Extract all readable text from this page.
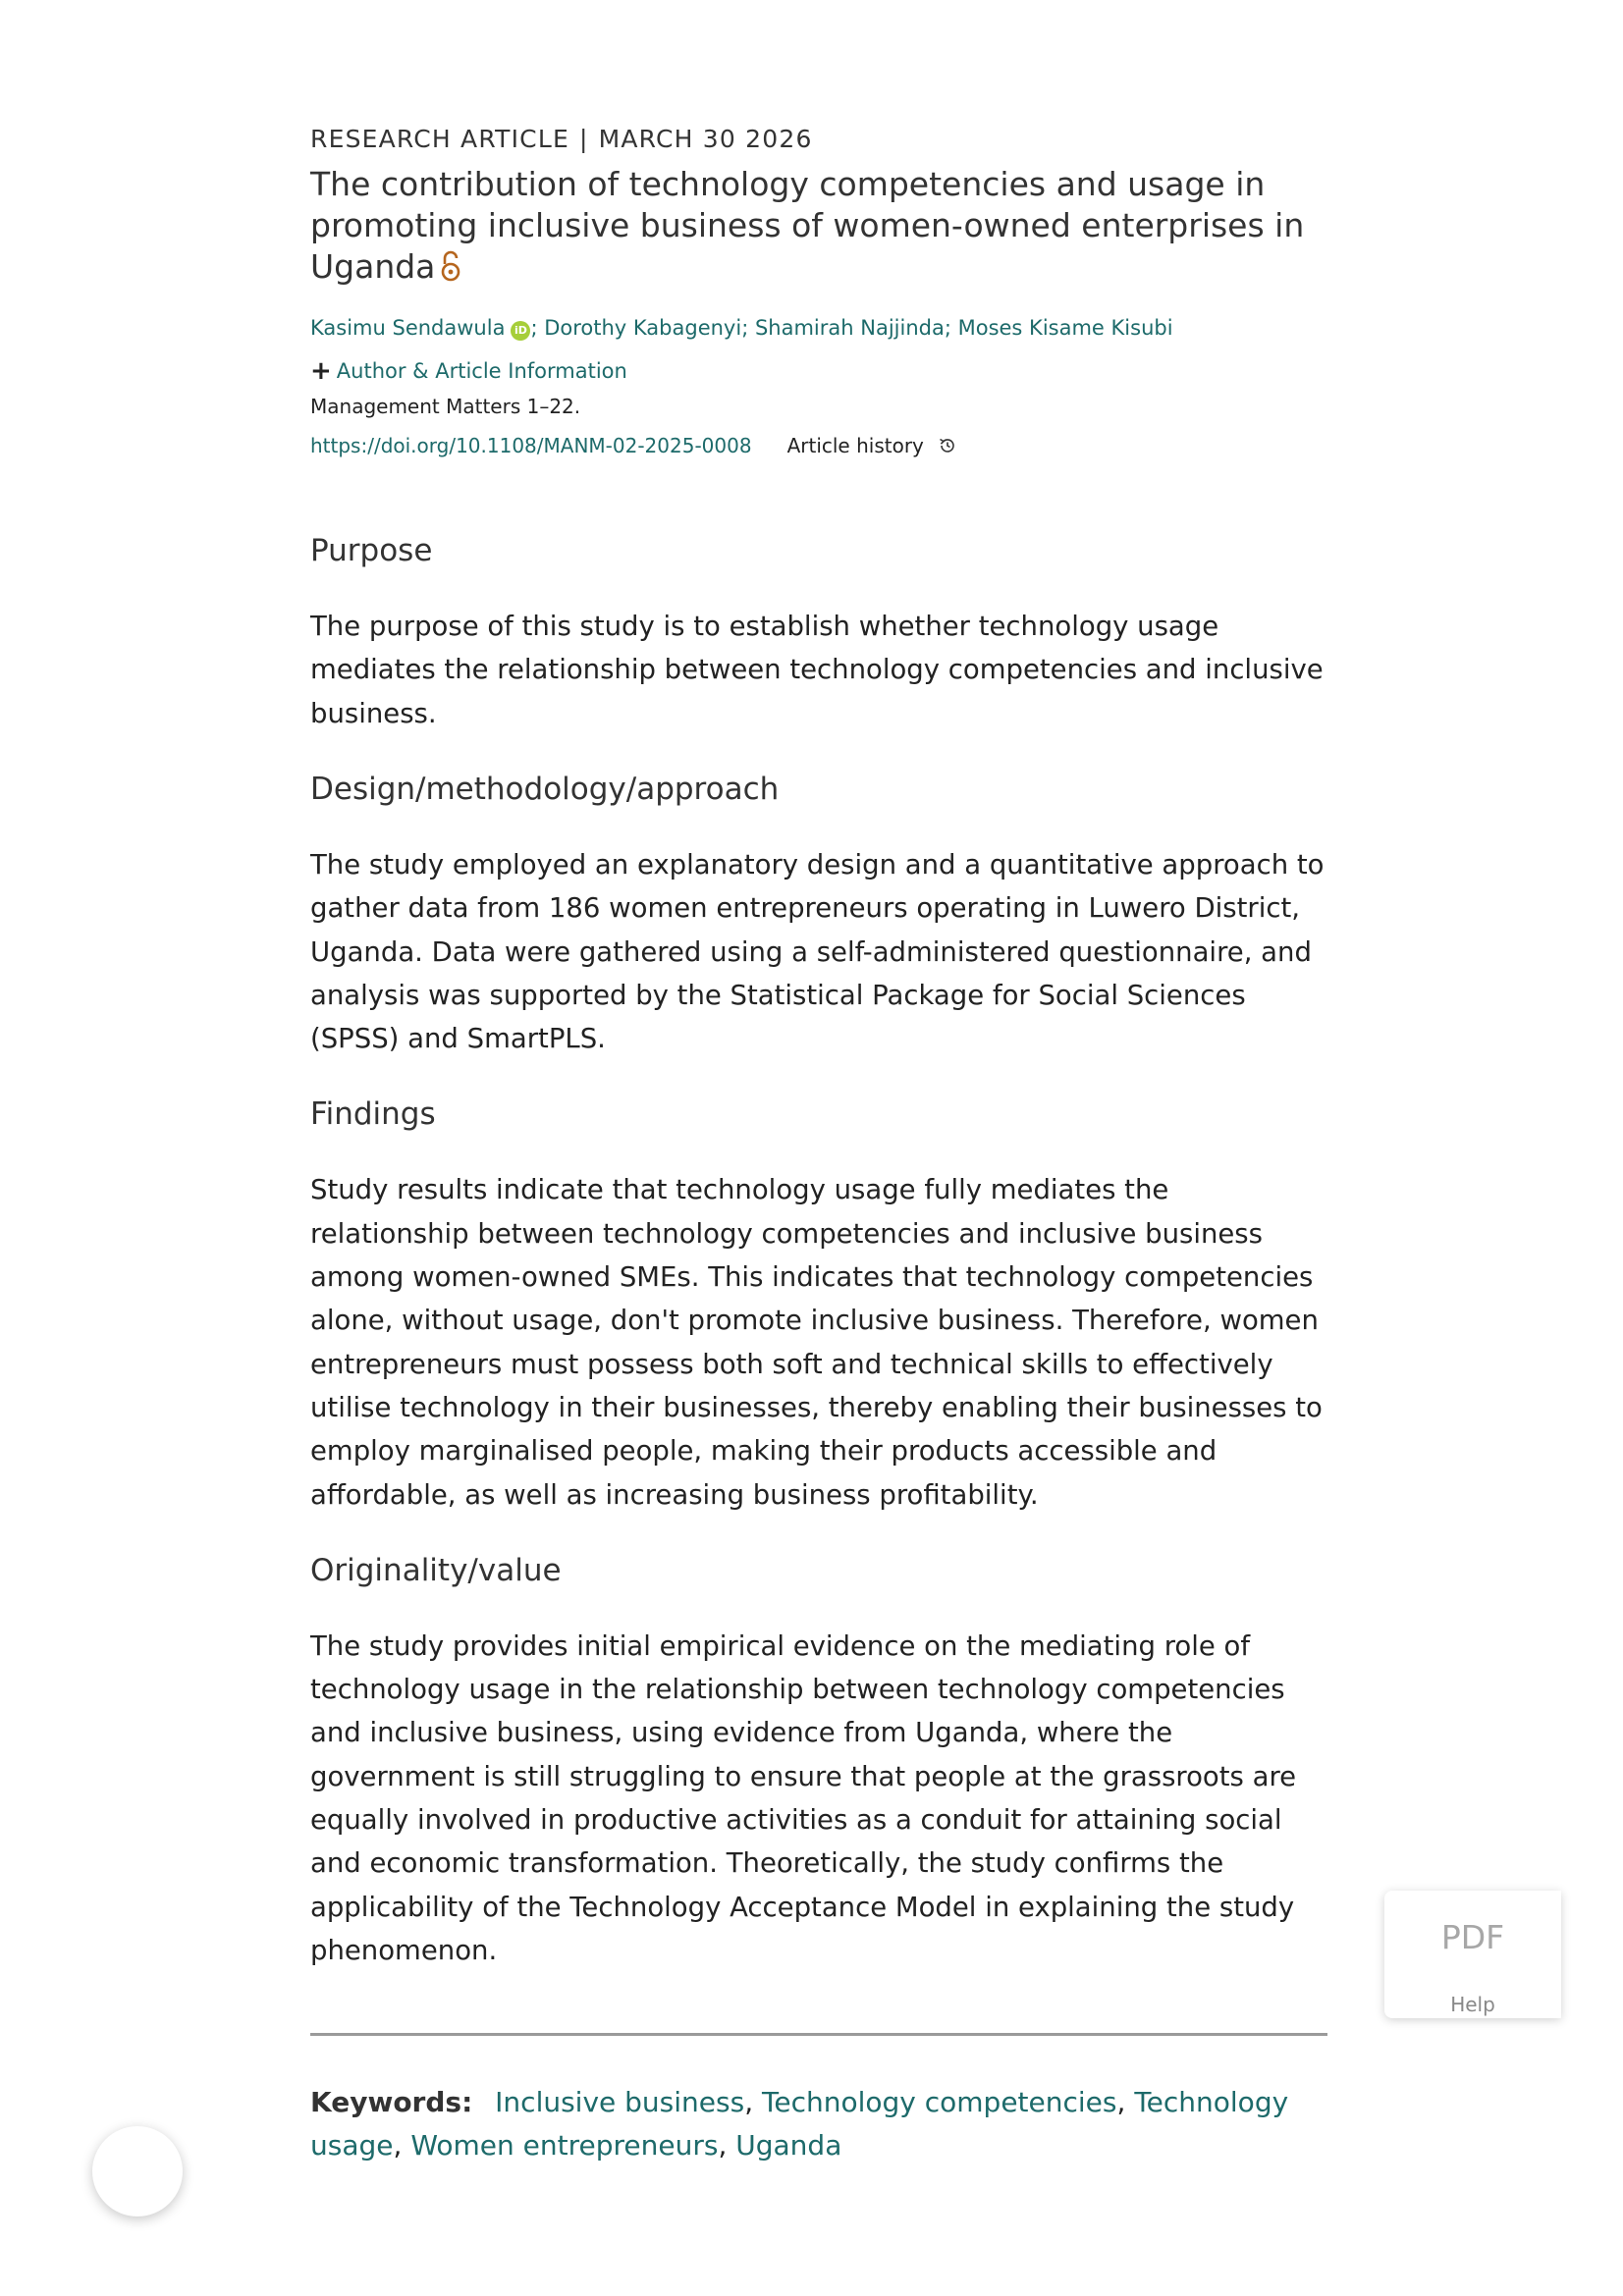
RESEARCH ARTICLE | MARCH 30 2026
The contribution of technology competencies and usage in promoting inclusive business of women-owned enterprises in Uganda
Kasimu Sendawula iD ; Dorothy Kabagenyi; Shamirah Najjinda; Moses Kisame Kisubi
+ Author & Article Information
Management Matters 1–22.
https://doi.org/10.1108/MANM-02-2025-0008 Article history
Purpose

The purpose of this study is to establish whether technology usage mediates the relationship between technology competencies and inclusive business.

Design/methodology/approach

The study employed an explanatory design and a quantitative approach to gather data from 186 women entrepreneurs operating in Luwero District, Uganda. Data were gathered using a self-administered questionnaire, and analysis was supported by the Statistical Package for Social Sciences (SPSS) and SmartPLS.

Findings

Study results indicate that technology usage fully mediates the relationship between technology competencies and inclusive business among women-owned SMEs. This indicates that technology competencies alone, without usage, don't promote inclusive business. Therefore, women entrepreneurs must possess both soft and technical skills to effectively utilise technology in their businesses, thereby enabling their businesses to employ marginalised people, making their products accessible and affordable, as well as increasing business profitability.

Originality/value

The study provides initial empirical evidence on the mediating role of technology usage in the relationship between technology competencies and inclusive business, using evidence from Uganda, where the government is still struggling to ensure that people at the grassroots are equally involved in productive activities as a conduit for attaining social and economic transformation. Theoretically, the study confirms the applicability of the Technology Acceptance Model in explaining the study phenomenon.

Keywords: Inclusive business, Technology competencies, Technology usage, Women entrepreneurs, Uganda
PDF
Help
